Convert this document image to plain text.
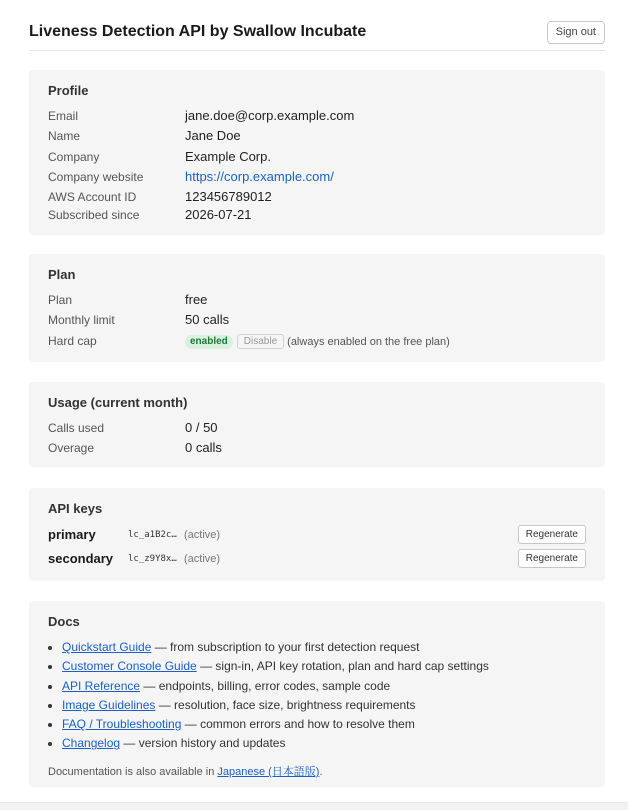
Liveness Detection API by Swallow Incubate	Sign out
Profile
Email	jane.doe@corp.example.com
Name	Jane Doe
Company	Example Corp.
Company website	https://corp.example.com/
AWS Account ID	123456789012
Subscribed since	2026-07-21
Plan
Plan	free
Monthly limit	50 calls
Hard cap	enabled Disable (always enabled on the free plan)
Usage (current month)
Calls used	0 / 50
Overage	0 calls
API keys
primary	lc_a1B2c… (active)	Regenerate
secondary lc_z9Y8x… (active)	Regenerate
Docs
• Quickstart Guide — from subscription to your first detection request
• Customer Console Guide — sign-in, API key rotation, plan and hard cap settings
• API Reference — endpoints, billing, error codes, sample code
• Image Guidelines — resolution, face size, brightness requirements
• FAQ / Troubleshooting — common errors and how to resolve them
• Changelog — version history and updates
Documentation is also available in Japanese (日本語版).
